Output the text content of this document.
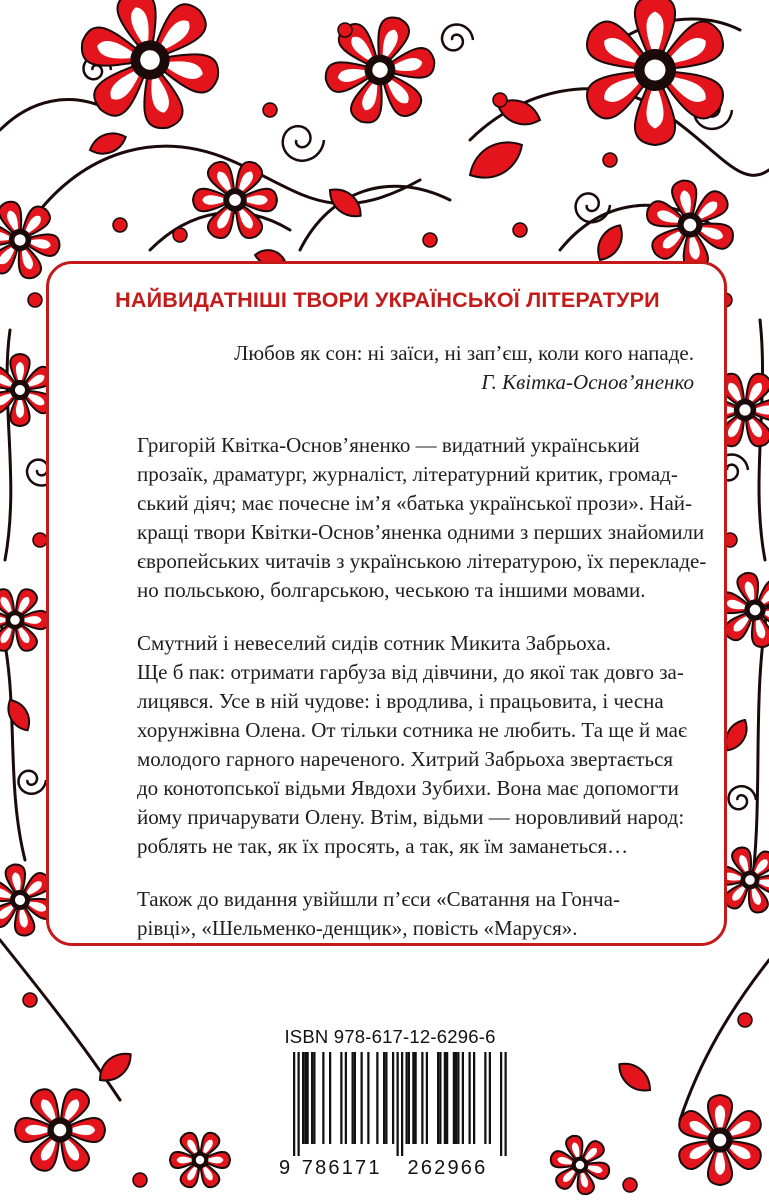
НАЙВИДАТНІШІ ТВОРИ УКРАЇНСЬКОЇ ЛІТЕРАТУРИ
Любов як сон: ні заїси, ні зап’єш, коли кого нападе.
Г. Квітка-Основ’яненко

Григорій Квітка-Основ’яненко — видатний український
прозаїк, драматург, журналіст, літературний критик, громад-
ський діяч; має почесне ім’я «батька української прози». Най-
кращі твори Квітки-Основ’яненка одними з перших знайомили
європейських читачів з українською літературою, їх перекладе-
но польською, болгарською, чеською та іншими мовами.

Смутний і невеселий сидів сотник Микита Забрьоха.
Ще б пак: отримати гарбуза від дівчини, до якої так довго за-
лицявся. Усе в ній чудове: і вродлива, і працьовита, і чесна
хорунжівна Олена. От тільки сотника не любить. Та ще й має
молодого гарного нареченого. Хитрий Забрьоха звертається
до конотопської відьми Явдохи Зубихи. Вона має допомогти
йому причарувати Олену. Втім, відьми — норовливий народ:
роблять не так, як їх просять, а так, як їм заманеться…

Також до видання увійшли п’єси «Сватання на Гонча-
рівці», «Шельменко-денщик», повість «Маруся».

ISBN 978-617-12-6296-6
9 786171 262966
